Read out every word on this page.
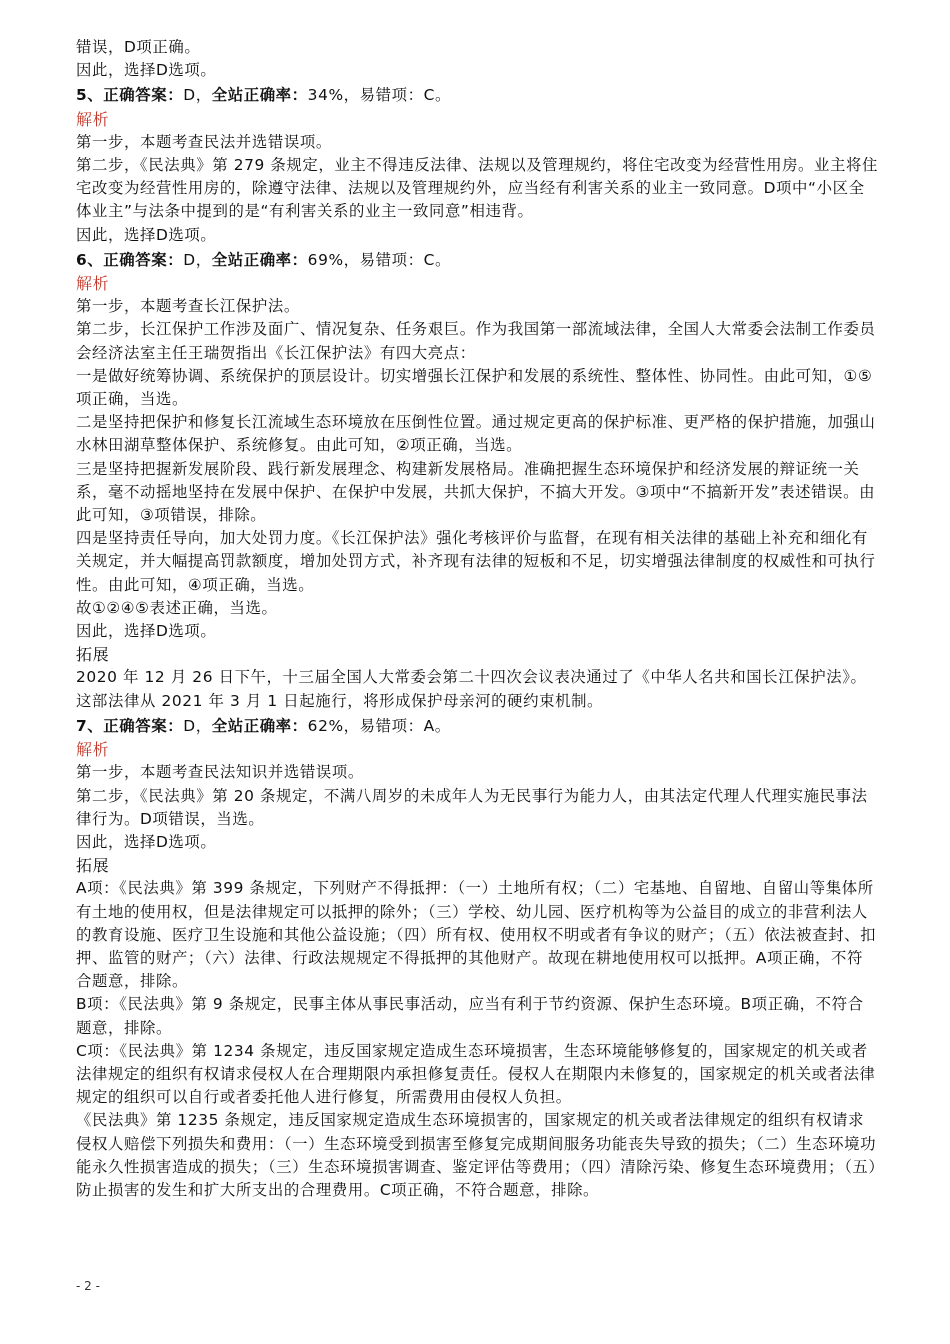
错误，D项正确。

因此，选择D选项。

5、正确答案：D，全站正确率：34%，易错项：C。

解析

第一步，本题考查民法并选错误项。

第二步，《民法典》第 279 条规定，业主不得违反法律、法规以及管理规约，将住宅改变为经营性用房。业主将住宅改变为经营性用房的，除遵守法律、法规以及管理规约外，应当经有利害关系的业主一致同意。D项中“小区全体业主”与法条中提到的是“有利害关系的业主一致同意”相违背。

因此，选择D选项。

6、正确答案：D，全站正确率：69%，易错项：C。

解析

第一步，本题考查长江保护法。

第二步，长江保护工作涉及面广、情况复杂、任务艰巨。作为我国第一部流域法律，全国人大常委会法制工作委员会经济法室主任王瑞贺指出《长江保护法》有四大亮点：

一是做好统筹协调、系统保护的顶层设计。切实增强长江保护和发展的系统性、整体性、协同性。由此可知，①⑤项正确，当选。

二是坚持把保护和修复长江流域生态环境放在压倒性位置。通过规定更高的保护标准、更严格的保护措施，加强山水林田湖草整体保护、系统修复。由此可知，②项正确，当选。

三是坚持把握新发展阶段、践行新发展理念、构建新发展格局。准确把握生态环境保护和经济发展的辩证统一关系，毫不动摇地坚持在发展中保护、在保护中发展，共抓大保护，不搞大开发。③项中“不搞新开发”表述错误。由此可知，③项错误，排除。

四是坚持责任导向，加大处罚力度。《长江保护法》强化考核评价与监督，在现有相关法律的基础上补充和细化有关规定，并大幅提高罚款额度，增加处罚方式，补齐现有法律的短板和不足，切实增强法律制度的权威性和可执行性。由此可知，④项正确，当选。

故①②④⑤表述正确，当选。

因此，选择D选项。

拓展

2020 年 12 月 26 日下午，十三届全国人大常委会第二十四次会议表决通过了《中华人名共和国长江保护法》。这部法律从 2021 年 3 月 1 日起施行，将形成保护母亲河的硬约束机制。

7、正确答案：D，全站正确率：62%，易错项：A。

解析

第一步，本题考查民法知识并选错误项。

第二步，《民法典》第 20 条规定，不满八周岁的未成年人为无民事行为能力人，由其法定代理人代理实施民事法律行为。D项错误，当选。

因此，选择D选项。

拓展

A项：《民法典》第 399 条规定，下列财产不得抵押：（一）土地所有权；（二）宅基地、自留地、自留山等集体所有土地的使用权，但是法律规定可以抵押的除外；（三）学校、幼儿园、医疗机构等为公益目的成立的非营利法人的教育设施、医疗卫生设施和其他公益设施；（四）所有权、使用权不明或者有争议的财产；（五）依法被查封、扣押、监管的财产；（六）法律、行政法规规定不得抵押的其他财产。故现在耕地使用权可以抵押。A项正确，不符合题意，排除。

B项：《民法典》第 9 条规定，民事主体从事民事活动，应当有利于节约资源、保护生态环境。B项正确，不符合题意，排除。

C项：《民法典》第 1234 条规定，违反国家规定造成生态环境损害，生态环境能够修复的，国家规定的机关或者法律规定的组织有权请求侵权人在合理期限内承担修复责任。侵权人在期限内未修复的，国家规定的机关或者法律规定的组织可以自行或者委托他人进行修复，所需费用由侵权人负担。

《民法典》第 1235 条规定，违反国家规定造成生态环境损害的，国家规定的机关或者法律规定的组织有权请求侵权人赔偿下列损失和费用：（一）生态环境受到损害至修复完成期间服务功能丧失导致的损失；（二）生态环境功能永久性损害造成的损失；（三）生态环境损害调查、鉴定评估等费用；（四）清除污染、修复生态环境费用；（五）防止损害的发生和扩大所支出的合理费用。C项正确，不符合题意，排除。

- 2 -
